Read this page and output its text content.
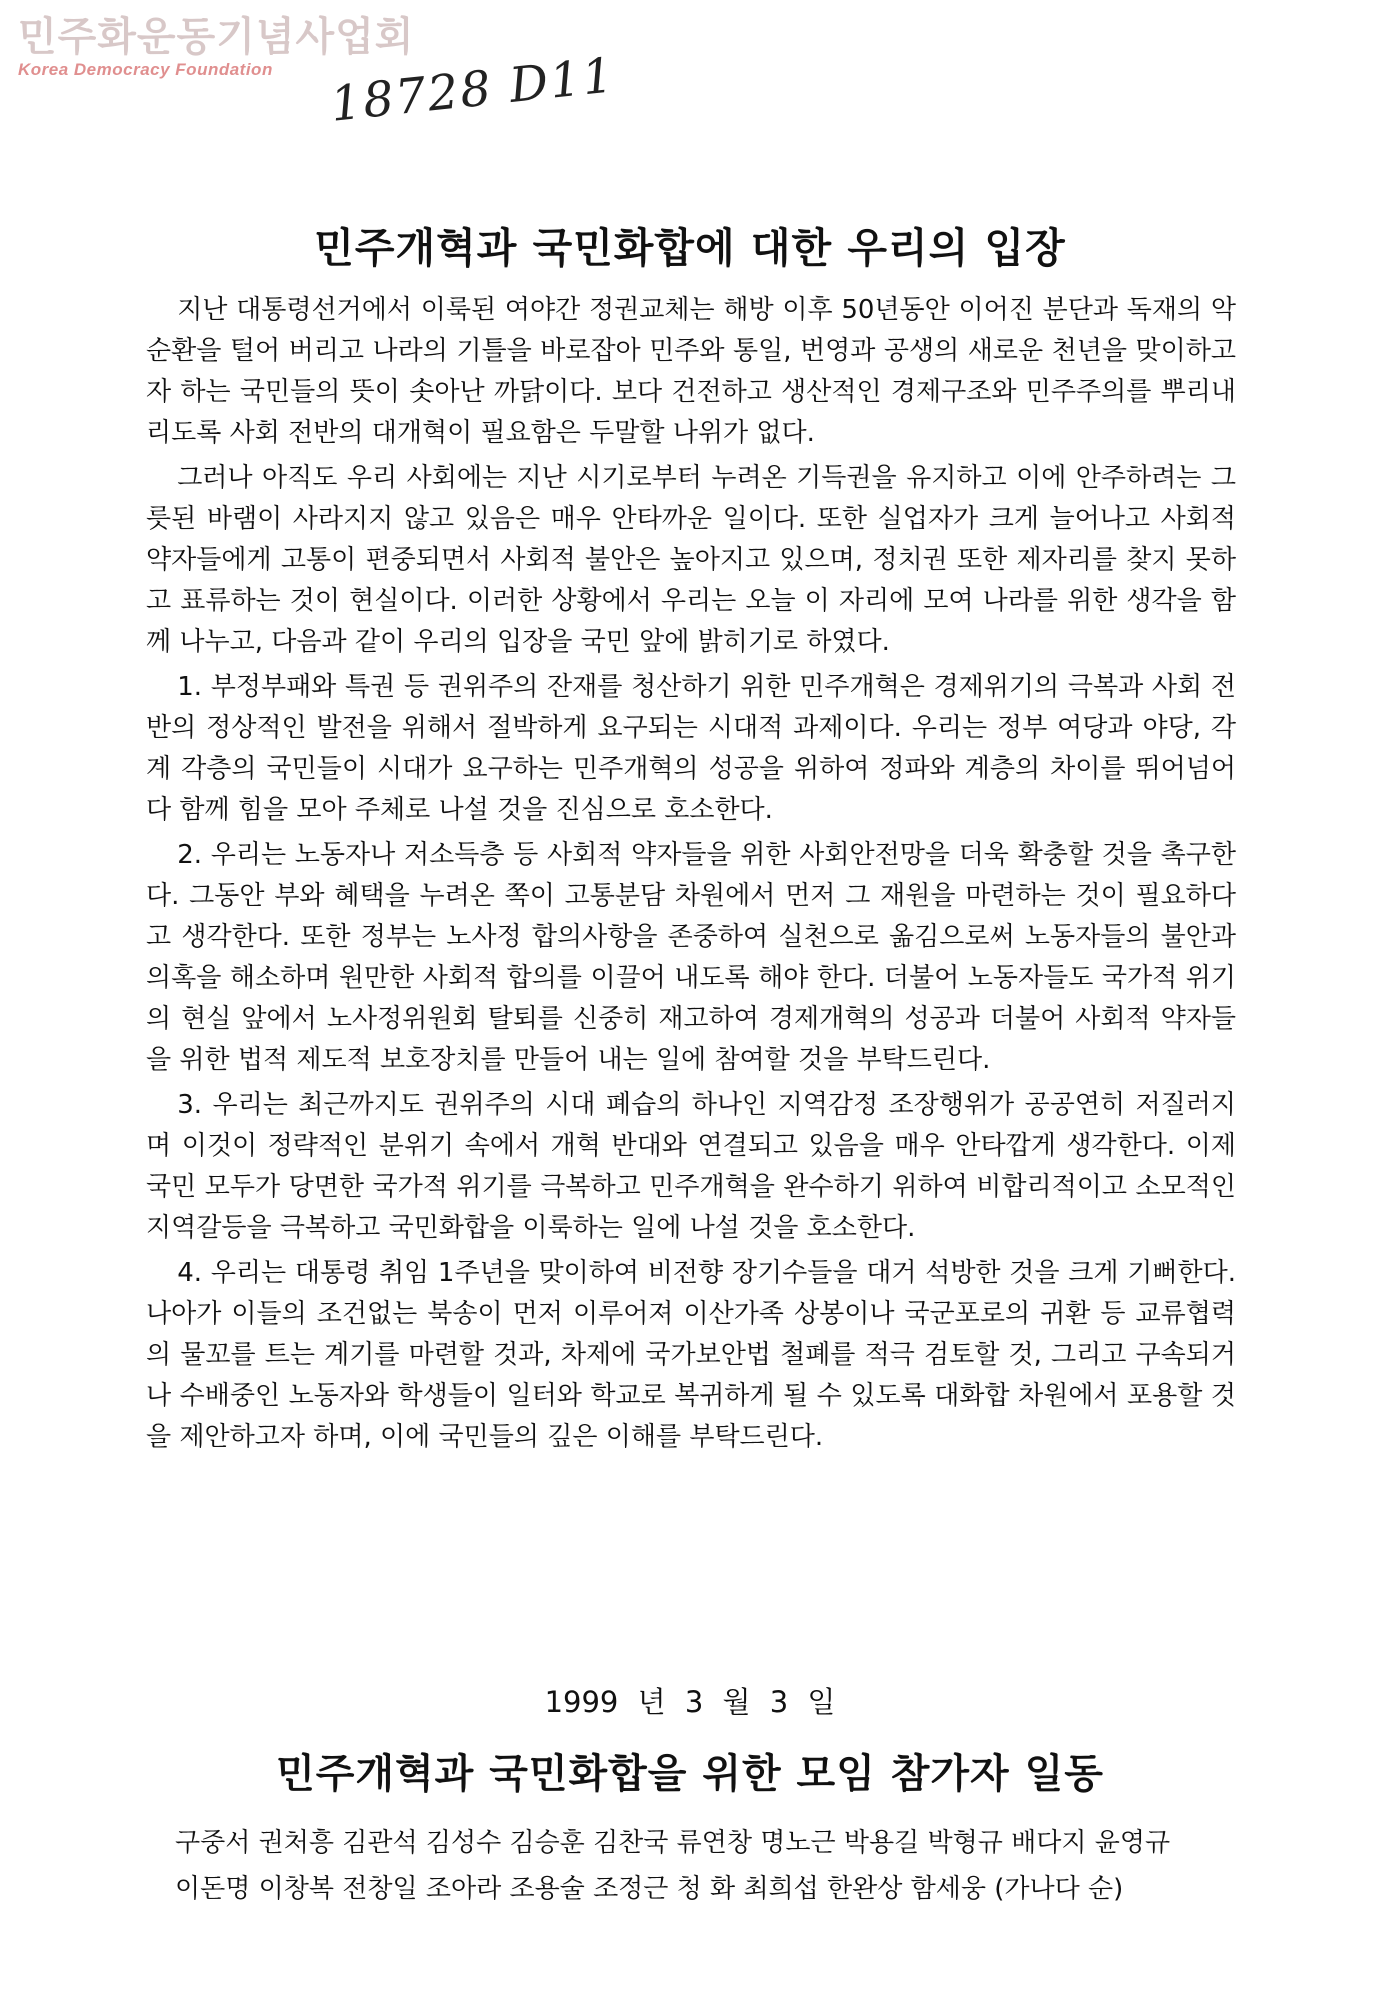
민주화운동기념사업회
Korea Democracy Foundation	18728 D11
민주개혁과 국민화합에 대한 우리의 입장

지난 대통령선거에서 이룩된 여야간 정권교체는 해방 이후 50년동안 이어진 분단과 독재의 악순환을 털어 버리고 나라의 기틀을 바로잡아 민주와 통일, 번영과 공생의 새로운 천년을 맞이하고자 하는 국민들의 뜻이 솟아난 까닭이다. 보다 건전하고 생산적인 경제구조와 민주주의를 뿌리내리도록 사회 전반의 대개혁이 필요함은 두말할 나위가 없다.

그러나 아직도 우리 사회에는 지난 시기로부터 누려온 기득권을 유지하고 이에 안주하려는 그릇된 바램이 사라지지 않고 있음은 매우 안타까운 일이다. 또한 실업자가 크게 늘어나고 사회적 약자들에게 고통이 편중되면서 사회적 불안은 높아지고 있으며, 정치권 또한 제자리를 찾지 못하고 표류하는 것이 현실이다. 이러한 상황에서 우리는 오늘 이 자리에 모여 나라를 위한 생각을 함께 나누고, 다음과 같이 우리의 입장을 국민 앞에 밝히기로 하였다.

1. 부정부패와 특권 등 권위주의 잔재를 청산하기 위한 민주개혁은 경제위기의 극복과 사회 전반의 정상적인 발전을 위해서 절박하게 요구되는 시대적 과제이다. 우리는 정부 여당과 야당, 각계 각층의 국민들이 시대가 요구하는 민주개혁의 성공을 위하여 정파와 계층의 차이를 뛰어넘어 다 함께 힘을 모아 주체로 나설 것을 진심으로 호소한다.

2. 우리는 노동자나 저소득층 등 사회적 약자들을 위한 사회안전망을 더욱 확충할 것을 촉구한다. 그동안 부와 혜택을 누려온 쪽이 고통분담 차원에서 먼저 그 재원을 마련하는 것이 필요하다고 생각한다. 또한 정부는 노사정 합의사항을 존중하여 실천으로 옮김으로써 노동자들의 불안과 의혹을 해소하며 원만한 사회적 합의를 이끌어 내도록 해야 한다. 더불어 노동자들도 국가적 위기의 현실 앞에서 노사정위원회 탈퇴를 신중히 재고하여 경제개혁의 성공과 더불어 사회적 약자들을 위한 법적 제도적 보호장치를 만들어 내는 일에 참여할 것을 부탁드린다.

3. 우리는 최근까지도 권위주의 시대 폐습의 하나인 지역감정 조장행위가 공공연히 저질러지며 이것이 정략적인 분위기 속에서 개혁 반대와 연결되고 있음을 매우 안타깝게 생각한다. 이제 국민 모두가 당면한 국가적 위기를 극복하고 민주개혁을 완수하기 위하여 비합리적이고 소모적인 지역갈등을 극복하고 국민화합을 이룩하는 일에 나설 것을 호소한다.

4. 우리는 대통령 취임 1주년을 맞이하여 비전향 장기수들을 대거 석방한 것을 크게 기뻐한다. 나아가 이들의 조건없는 북송이 먼저 이루어져 이산가족 상봉이나 국군포로의 귀환 등 교류협력의 물꼬를 트는 계기를 마련할 것과, 차제에 국가보안법 철폐를 적극 검토할 것, 그리고 구속되거나 수배중인 노동자와 학생들이 일터와 학교로 복귀하게 될 수 있도록 대화합 차원에서 포용할 것을 제안하고자 하며, 이에 국민들의 깊은 이해를 부탁드린다.

1999 년 3 월 3 일
민주개혁과 국민화합을 위한 모임 참가자 일동
구중서 권처흥 김관석 김성수 김승훈 김찬국 류연창 명노근 박용길 박형규 배다지 윤영규
이돈명 이창복 전창일 조아라 조용술 조정근 청 화 최희섭 한완상 함세웅 (가나다 순)
